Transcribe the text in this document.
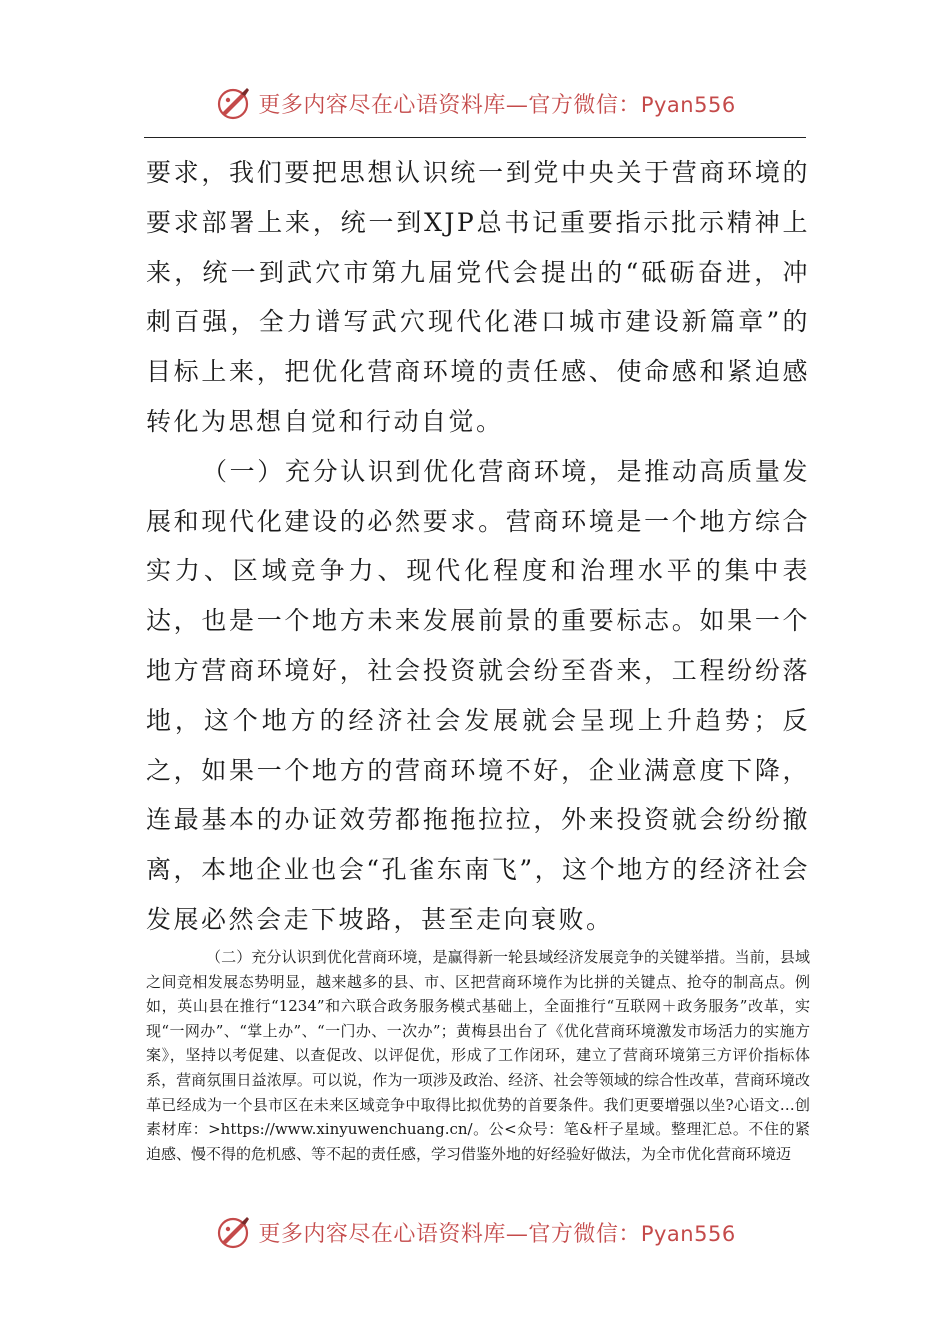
更多内容尽在心语资料库—官方微信：Pyan556

要求，我们要把思想认识统一到党中央关于营商环境的要求部署上来，统一到XJP总书记重要指示批示精神上来，统一到武穴市第九届党代会提出的“砥砺奋进，冲刺百强，全力谱写武穴现代化港口城市建设新篇章”的目标上来，把优化营商环境的责任感、使命感和紧迫感转化为思想自觉和行动自觉。

（一）充分认识到优化营商环境，是推动高质量发展和现代化建设的必然要求。营商环境是一个地方综合实力、区域竞争力、现代化程度和治理水平的集中表达，也是一个地方未来发展前景的重要标志。如果一个地方营商环境好，社会投资就会纷至沓来，工程纷纷落地，这个地方的经济社会发展就会呈现上升趋势；反之，如果一个地方的营商环境不好，企业满意度下降，连最基本的办证效劳都拖拖拉拉，外来投资就会纷纷撤离，本地企业也会“孔雀东南飞”，这个地方的经济社会发展必然会走下坡路，甚至走向衰败。

（二）充分认识到优化营商环境，是赢得新一轮县域经济发展竞争的关键举措。当前，县域之间竞相发展态势明显，越来越多的县、市、区把营商环境作为比拼的关键点、抢夺的制高点。例如，英山县在推行“1234”和六联合政务服务模式基础上，全面推行“互联网＋政务服务”改革，实现“一网办”、“掌上办”、“一门办、一次办”；黄梅县出台了《优化营商环境激发市场活力的实施方案》，坚持以考促建、以查促改、以评促优，形成了工作闭环，建立了营商环境第三方评价指标体系，营商氛围日益浓厚。可以说，作为一项涉及政治、经济、社会等领域的综合性改革，营商环境改革已经成为一个县市区在未来区域竞争中取得比拟优势的首要条件。我们更要增强以坐?心语文…创素材库：>https://www.xinyuwenchuang.cn/。公<众号：笔&杆子星域。整理汇总。不住的紧迫感、慢不得的危机感、等不起的责任感，学习借鉴外地的好经验好做法，为全市优化营商环境迈

更多内容尽在心语资料库—官方微信：Pyan556
